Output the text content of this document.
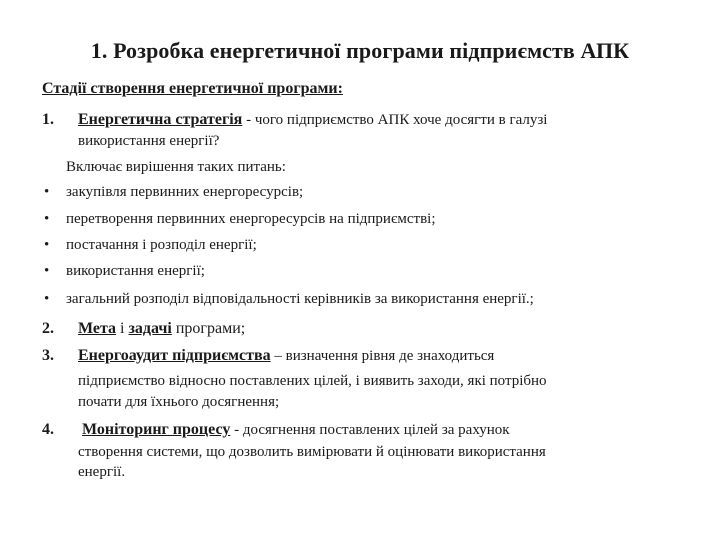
1. Розробка енергетичної програми підприємств АПК
Стадії створення енергетичної програми:
1. Енергетична стратегія - чого підприємство АПК хоче досягти в галузі
використання енергії?
Включає вирішення таких питань:
• закупівля первинних енергоресурсів;
• перетворення первинних енергоресурсів на підприємстві;
• постачання і розподіл енергії;
• використання енергії;
• загальний розподіл відповідальності керівників за використання енергії.;
2. Мета і задачі програми;
3. Енергоаудит підприємства – визначення рівня де знаходиться
підприємство відносно поставлених цілей, і виявить заходи, які потрібно
почати для їхнього досягнення;
4. Моніторинг процесу - досягнення поставлених цілей за рахунок
створення системи, що дозволить вимірювати й оцінювати використання
енергії.
